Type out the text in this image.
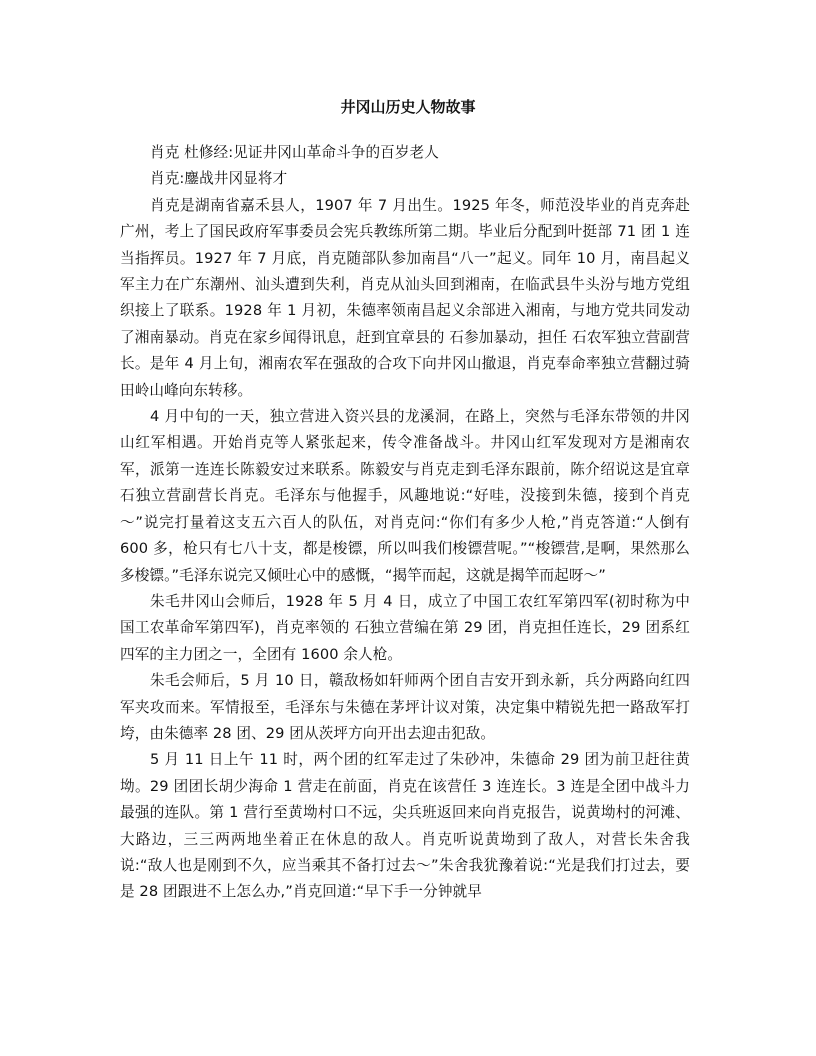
井冈山历史人物故事

肖克 杜修经:见证井冈山革命斗争的百岁老人

肖克:鏖战井冈显将才

肖克是湖南省嘉禾县人，1907 年 7 月出生。1925 年冬，师范没毕业的肖克奔赴广州，考上了国民政府军事委员会宪兵教练所第二期。毕业后分配到叶挺部 71 团 1 连当指挥员。1927 年 7 月底，肖克随部队参加南昌“八一”起义。同年 10 月，南昌起义军主力在广东潮州、汕头遭到失利，肖克从汕头回到湘南，在临武县牛头汾与地方党组织接上了联系。1928 年 1 月初，朱德率领南昌起义余部进入湘南，与地方党共同发动了湘南暴动。肖克在家乡闻得讯息，赶到宜章县的 石参加暴动，担任 石农军独立营副营长。是年 4 月上旬，湘南农军在强敌的合攻下向井冈山撤退，肖克奉命率独立营翻过骑田岭山峰向东转移。

4 月中旬的一天，独立营进入资兴县的龙溪洞，在路上，突然与毛泽东带领的井冈山红军相遇。开始肖克等人紧张起来，传令准备战斗。井冈山红军发现对方是湘南农军，派第一连连长陈毅安过来联系。陈毅安与肖克走到毛泽东跟前，陈介绍说这是宜章 石独立营副营长肖克。毛泽东与他握手，风趣地说:“好哇，没接到朱德，接到个肖克～”说完打量着这支五六百人的队伍，对肖克问:“你们有多少人枪,”肖克答道:“人倒有 600 多，枪只有七八十支，都是梭镖，所以叫我们梭镖营呢。”“梭镖营,是啊，果然那么多梭镖。”毛泽东说完又倾吐心中的感慨，“揭竿而起，这就是揭竿而起呀～”

朱毛井冈山会师后，1928 年 5 月 4 日，成立了中国工农红军第四军(初时称为中国工农革命军第四军)，肖克率领的 石独立营编在第 29 团，肖克担任连长，29 团系红四军的主力团之一，全团有 1600 余人枪。

朱毛会师后，5 月 10 日，赣敌杨如轩师两个团自吉安开到永新，兵分两路向红四军夹攻而来。军情报至，毛泽东与朱德在茅坪计议对策，决定集中精锐先把一路敌军打垮，由朱德率 28 团、29 团从茨坪方向开出去迎击犯敌。

5 月 11 日上午 11 时，两个团的红军走过了朱砂冲，朱德命 29 团为前卫赶往黄坳。29 团团长胡少海命 1 营走在前面，肖克在该营任 3 连连长。3 连是全团中战斗力最强的连队。第 1 营行至黄坳村口不远，尖兵班返回来向肖克报告，说黄坳村的河滩、大路边，三三两两地坐着正在休息的敌人。肖克听说黄坳到了敌人，对营长朱舍我说:“敌人也是刚到不久，应当乘其不备打过去～”朱舍我犹豫着说:“光是我们打过去，要是 28 团跟进不上怎么办,”肖克回道:“早下手一分钟就早
